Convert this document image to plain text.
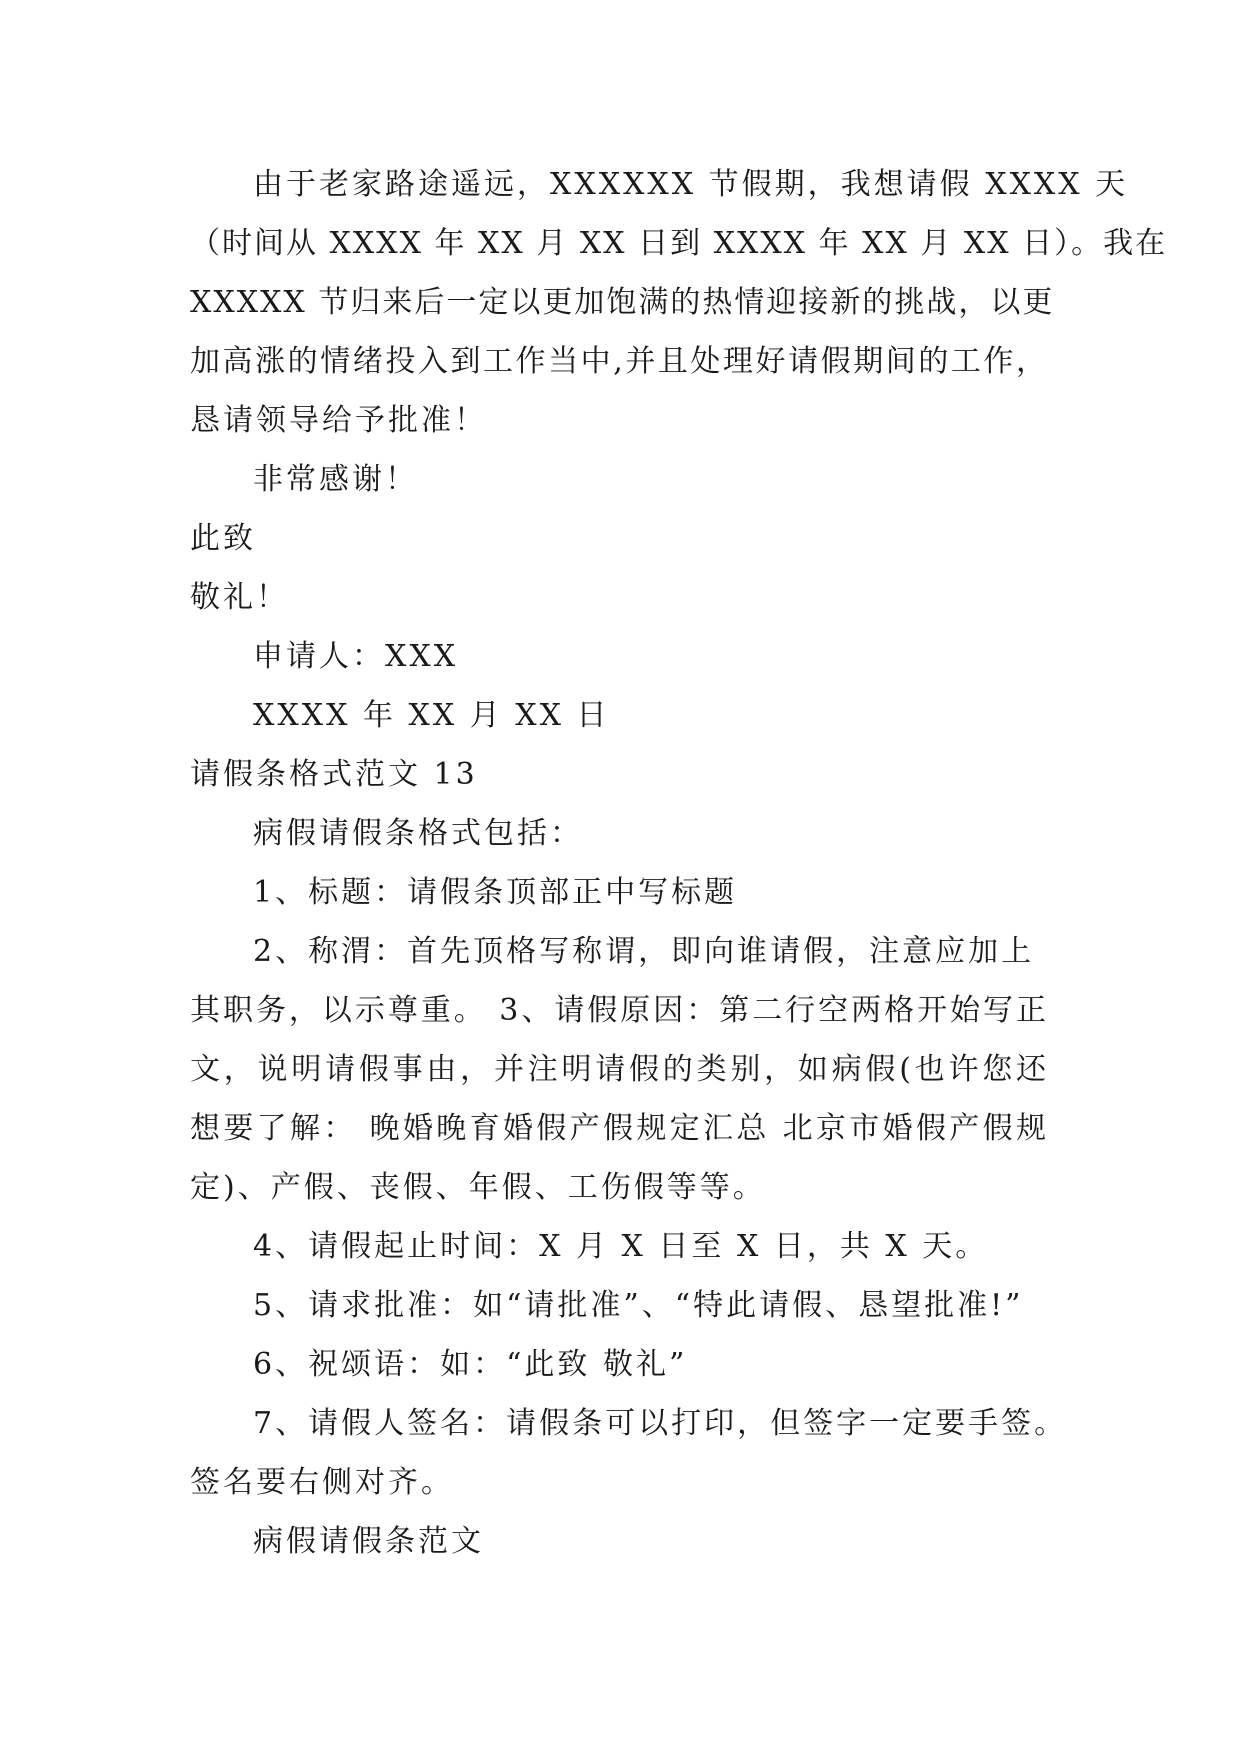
由于老家路途遥远，XXXXXX 节假期，我想请假 XXXX 天
（时间从 XXXX 年 XX 月 XX 日到 XXXX 年 XX 月 XX 日）。我在
XXXXX 节归来后一定以更加饱满的热情迎接新的挑战，以更
加高涨的情绪投入到工作当中,并且处理好请假期间的工作，
恳请领导给予批准！
非常感谢！
此致
敬礼！
申请人：XXX
XXXX 年 XX 月 XX 日
请假条格式范文 13
病假请假条格式包括：
1、标题：请假条顶部正中写标题
2、称渭：首先顶格写称谓，即向谁请假，注意应加上
其职务，以示尊重。 3、请假原因：第二行空两格开始写正
文，说明请假事由，并注明请假的类别，如病假(也许您还
想要了解： 晚婚晚育婚假产假规定汇总 北京市婚假产假规
定)、产假、丧假、年假、工伤假等等。
4、请假起止时间：X 月 X 日至 X 日，共 X 天。
5、请求批准：如“请批准”、“特此请假、恳望批准!”
6、祝颂语：如：“此致 敬礼”
7、请假人签名：请假条可以打印，但签字一定要手签。
签名要右侧对齐。
病假请假条范文
